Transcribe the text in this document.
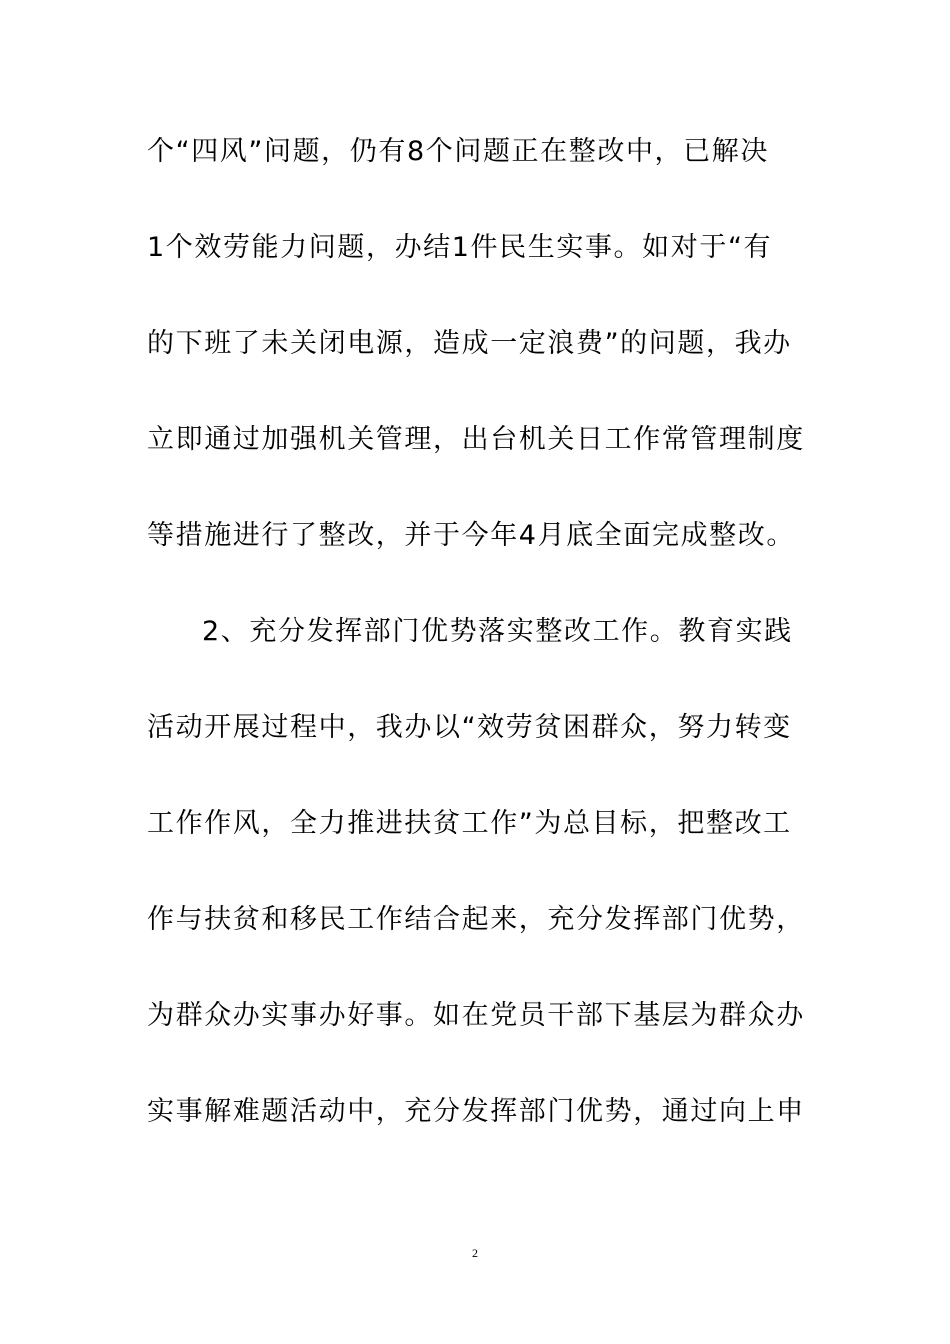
个“四风”问题，仍有8个问题正在整改中，已解决
1个效劳能力问题，办结1件民生实事。如对于“有
的下班了未关闭电源，造成一定浪费”的问题，我办
立即通过加强机关管理，出台机关日工作常管理制度
等措施进行了整改，并于今年4月底全面完成整改。
2、充分发挥部门优势落实整改工作。教育实践
活动开展过程中，我办以“效劳贫困群众，努力转变
工作作风，全力推进扶贫工作”为总目标，把整改工
作与扶贫和移民工作结合起来，充分发挥部门优势，
为群众办实事办好事。如在党员干部下基层为群众办
实事解难题活动中，充分发挥部门优势，通过向上申
2
